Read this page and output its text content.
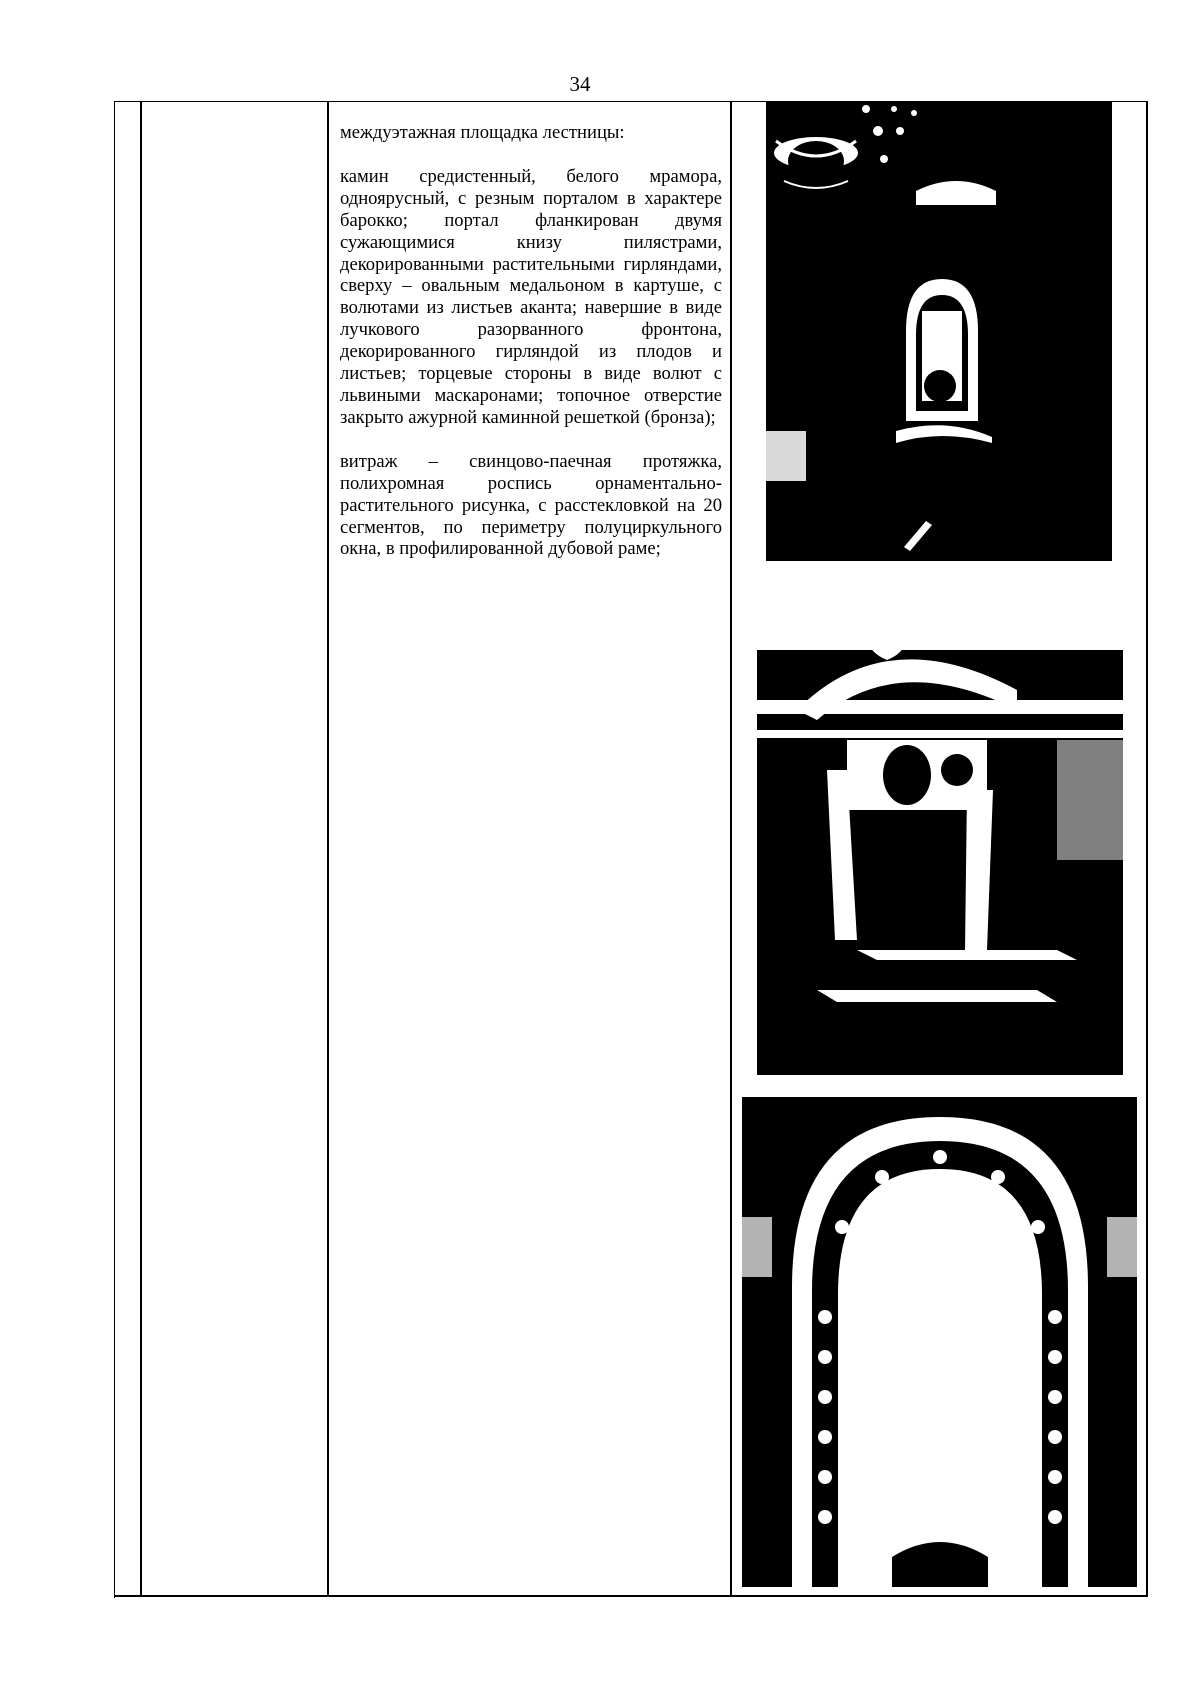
34

междуэтажная площадка лестницы:

камин средистенный, белого мрамора, одноярусный, с резным порталом в характере барокко; портал фланкирован двумя сужающимися книзу пилястрами, декорированными растительными гирляндами, сверху – овальным медальоном в картуше, с волютами из листьев аканта; навершие в виде лучкового разорванного фронтона, декорированного гирляндой из плодов и листьев; торцевые стороны в виде волют с львиными маскаронами; топочное отверстие закрыто ажурной каминной решеткой (бронза);

витраж – свинцово-паечная протяжка, полихромная роспись орнаментально-растительного рисунка, с расстекловкой на 20 сегментов, по периметру полуциркульного окна, в профилированной дубовой раме;
